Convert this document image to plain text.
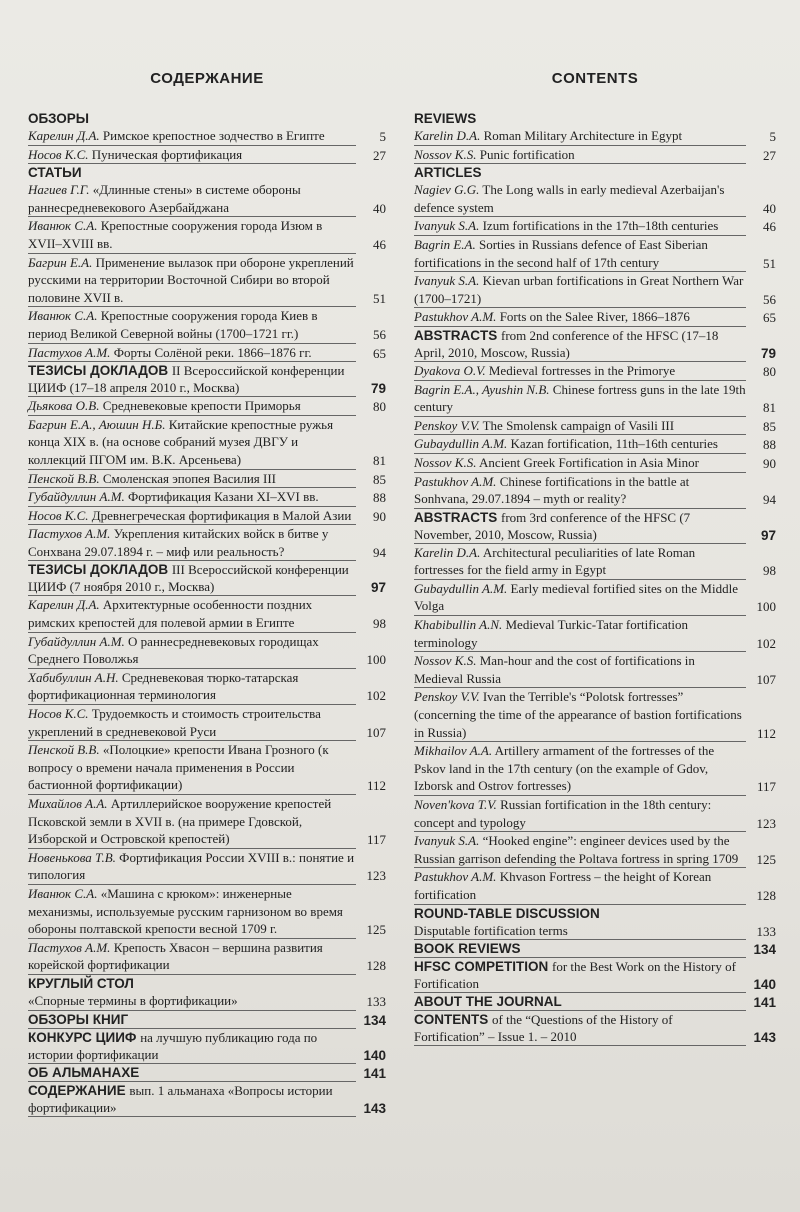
СОДЕРЖАНИЕ
ОБЗОРЫ
Карелин Д.А. Римское крепостное зодчество в Египте	5
Носов К.С. Пуническая фортификация	27
СТАТЬИ
Нагиев Г.Г. «Длинные стены» в системе обороны раннесредневекового Азербайджана	40
Иванюк С.А. Крепостные сооружения города Изюм в XVII–XVIII вв.	46
Багрин Е.А. Применение вылазок при обороне укреплений русскими на территории Восточной Сибири во второй половине XVII в.	51
Иванюк С.А. Крепостные сооружения города Киев в период Великой Северной войны (1700–1721 гг.)	56
Пастухов А.М. Форты Солёной реки. 1866–1876 гг.	65
ТЕЗИСЫ ДОКЛАДОВ II Всероссийской конференции ЦИИФ (17–18 апреля 2010 г., Москва)	79
Дьякова О.В. Средневековые крепости Приморья	80
Багрин Е.А., Аюшин Н.Б. Китайские крепостные ружья конца XIX в. (на основе собраний музея ДВГУ и коллекций ПГОМ им. В.К. Арсеньева)	81
Пенской В.В. Смоленская эпопея Василия III	85
Губайдуллин А.М. Фортификация Казани XI–XVI вв.	88
Носов К.С. Древнегреческая фортификация в Малой Азии	90
Пастухов А.М. Укрепления китайских войск в битве у Сонхвана 29.07.1894 г. – миф или реальность?	94
ТЕЗИСЫ ДОКЛАДОВ III Всероссийской конференции ЦИИФ (7 ноября 2010 г., Москва)	97
Карелин Д.А. Архитектурные особенности поздних римских крепостей для полевой армии в Египте	98
Губайдуллин А.М. О раннесредневековых городищах Среднего Поволжья	100
Хабибуллин А.Н. Средневековая тюрко-татарская фортификационная терминология	102
Носов К.С. Трудоемкость и стоимость строительства укреплений в средневековой Руси	107
Пенской В.В. «Полоцкие» крепости Ивана Грозного (к вопросу о времени начала применения в России бастионной фортификации)	112
Михайлов А.А. Артиллерийское вооружение крепостей Псковской земли в XVII в. (на примере Гдовской, Изборской и Островской крепостей)	117
Новенькова Т.В. Фортификация России XVIII в.: понятие и типология	123
Иванюк С.А. «Машина с крюком»: инженерные механизмы, используемые русским гарнизоном во время обороны полтавской крепости весной 1709 г.	125
Пастухов А.М. Крепость Хвасон – вершина развития корейской фортификации	128
КРУГЛЫЙ СТОЛ
«Спорные термины в фортификации»	133
ОБЗОРЫ КНИГ	134
КОНКУРС ЦИИФ на лучшую публикацию года по истории фортификации	140
ОБ АЛЬМАНАХЕ	141
СОДЕРЖАНИЕ вып. 1 альманаха «Вопросы истории фортификации»	143
CONTENTS
REVIEWS
Karelin D.A. Roman Military Architecture in Egypt	5
Nossov K.S. Punic fortification	27
ARTICLES
Nagiev G.G. The Long walls in early medieval Azerbaijan's defence system	40
Ivanyuk S.A. Izum fortifications in the 17th–18th centuries	46
Bagrin E.A. Sorties in Russians defence of East Siberian fortifications in the second half of 17th century	51
Ivanyuk S.A. Kievan urban fortifications in Great Northern War (1700–1721)	56
Pastukhov A.M. Forts on the Salee River, 1866–1876	65
ABSTRACTS from 2nd conference of the HFSC (17–18 April, 2010, Moscow, Russia)	79
Dyakova O.V. Medieval fortresses in the Primorye	80
Bagrin E.A., Ayushin N.B. Chinese fortress guns in the late 19th century	81
Penskoy V.V. The Smolensk campaign of Vasili III	85
Gubaydullin A.M. Kazan fortification, 11th–16th centuries	88
Nossov K.S. Ancient Greek Fortification in Asia Minor	90
Pastukhov A.M. Chinese fortifications in the battle at Sonhvana, 29.07.1894 – myth or reality?	94
ABSTRACTS from 3rd conference of the HFSC (7 November, 2010, Moscow, Russia)	97
Karelin D.A. Architectural peculiarities of late Roman fortresses for the field army in Egypt	98
Gubaydullin A.M. Early medieval fortified sites on the Middle Volga	100
Khabibullin A.N. Medieval Turkic-Tatar fortification terminology	102
Nossov K.S. Man-hour and the cost of fortifications in Medieval Russia	107
Penskoy V.V. Ivan the Terrible's “Polotsk fortresses” (concerning the time of the appearance of bastion fortifications in Russia)	112
Mikhailov A.A. Artillery armament of the fortresses of the Pskov land in the 17th century (on the example of Gdov, Izborsk and Ostrov fortresses)	117
Noven'kova T.V. Russian fortification in the 18th century: concept and typology	123
Ivanyuk S.A. “Hooked engine”: engineer devices used by the Russian garrison defending the Poltava fortress in spring 1709	125
Pastukhov A.M. Khvason Fortress – the height of Korean fortification	128
ROUND-TABLE DISCUSSION
Disputable fortification terms	133
BOOK REVIEWS	134
HFSC COMPETITION for the Best Work on the History of Fortification	140
ABOUT THE JOURNAL	141
CONTENTS of the “Questions of the History of Fortification” – Issue 1. – 2010	143
